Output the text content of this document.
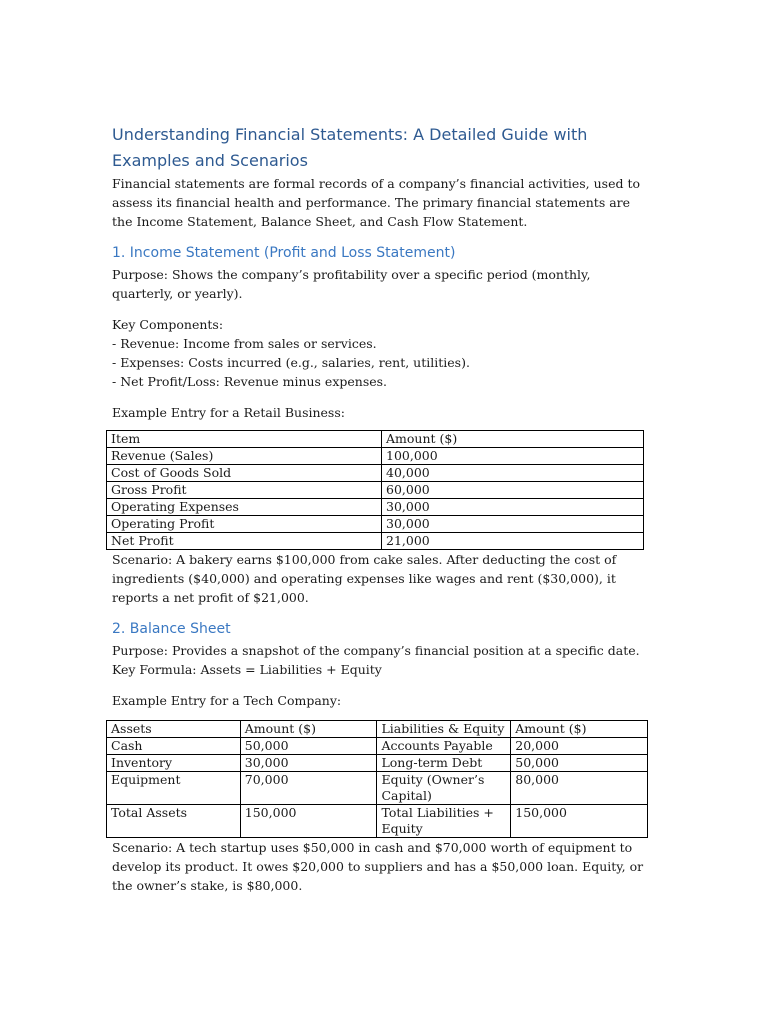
Understanding Financial Statements: A Detailed Guide with Examples and Scenarios

Financial statements are formal records of a company’s financial activities, used to assess its financial health and performance. The primary financial statements are the Income Statement, Balance Sheet, and Cash Flow Statement.

1. Income Statement (Profit and Loss Statement)

Purpose: Shows the company’s profitability over a specific period (monthly, quarterly, or yearly).

Key Components:
- Revenue: Income from sales or services.
- Expenses: Costs incurred (e.g., salaries, rent, utilities).
- Net Profit/Loss: Revenue minus expenses.

Example Entry for a Retail Business:

Item	Amount ($)
Revenue (Sales)	100,000
Cost of Goods Sold	40,000
Gross Profit	60,000
Operating Expenses	30,000
Operating Profit	30,000
Net Profit	21,000

Scenario: A bakery earns $100,000 from cake sales. After deducting the cost of ingredients ($40,000) and operating expenses like wages and rent ($30,000), it reports a net profit of $21,000.

2. Balance Sheet

Purpose: Provides a snapshot of the company’s financial position at a specific date.

Key Formula: Assets = Liabilities + Equity

Example Entry for a Tech Company:

Assets	Amount ($)	Liabilities & Equity	Amount ($)
Cash	50,000	Accounts Payable	20,000
Inventory	30,000	Long-term Debt	50,000
Equipment	70,000	Equity (Owner’s Capital)	80,000
Total Assets	150,000	Total Liabilities + Equity	150,000

Scenario: A tech startup uses $50,000 in cash and $70,000 worth of equipment to develop its product. It owes $20,000 to suppliers and has a $50,000 loan. Equity, or the owner’s stake, is $80,000.
